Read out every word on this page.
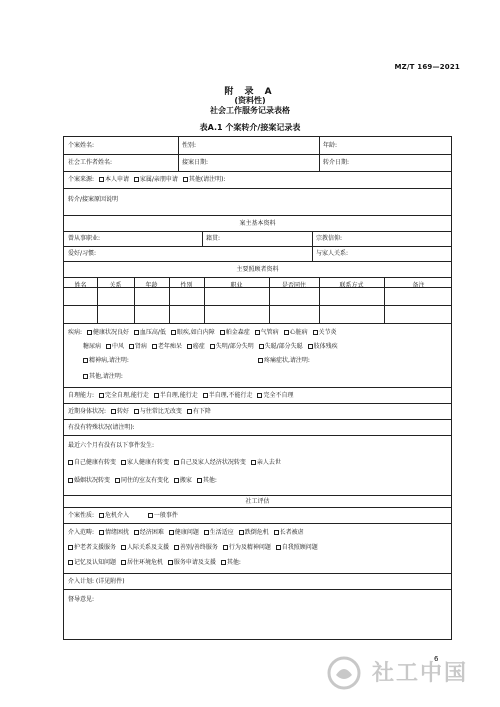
MZ/T 169—2021
附 录 A
(资料性)
社会工作服务记录表格
表A.1 个案转介/接案记录表
个案姓名:	性别:	年龄:
社会工作者姓名:	接案日期:	转介日期:
个案来源: 本人申请 家属/亲朋申请 其他(请注明):
转介/接案原因说明
案主基本资料
曾从事职业:	籍贯:	宗教信仰:
爱好/习惯:	与家人关系:
主要照顾者资料
姓名	关系	年龄	性别	职业	是否同住	联系方式	备注
疾病: 健康状况良好 血压高/低 眼疾,如白内障 帕金森症 气管病 心脏病 关节炎
糖尿病 中风 肾病 老年痴呆 癌症 失明/部分失明 失聪/部分失聪 肢体残疾
精神病,请注明:	疼痛症状,请注明:
其他,请注明:
自理能力: 完全自理,能行走 半自理,能行走 半自理,不能行走 完全不自理
近期身体状况: 转好 与往常比无改变 有下降
有没有特殊状况(请注明):
最近六个月有没有以下事件发生:
自己健康有转变 家人健康有转变 自己及家人经济状况转变 亲人去世
婚姻状况转变 同住的室友有变化 搬家 其他:
社工评估
个案性质: 危机介入	一般事件
介入范畴: 情绪困扰 经济困难 健康问题 生活适应 跌倒危机 长者被虐
护老者支援服务 人际关系及支援 善别/善终服务 行为及精神问题 自我照顾问题
记忆及认知问题 居住环境危机 服务申请及支援 其他:
介入计划: (详见附件)
督导意见:
社工中国
6
